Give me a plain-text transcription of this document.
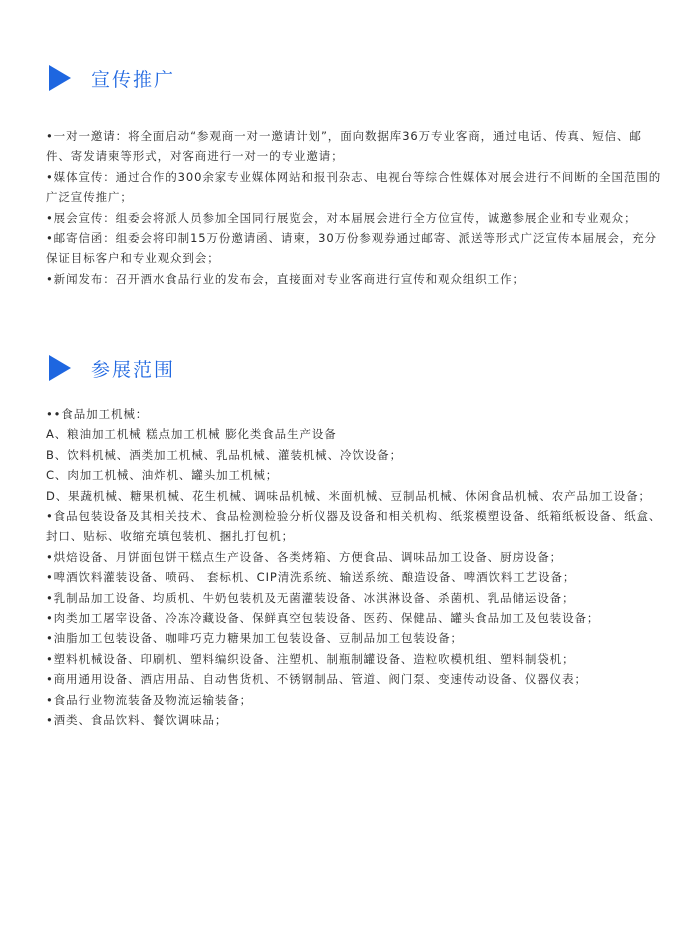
宣传推广

•一对一邀请：将全面启动“参观商一对一邀请计划”，面向数据库36万专业客商，通过电话、传真、短信、邮件、寄发请柬等形式，对客商进行一对一的专业邀请；

•媒体宣传：通过合作的300余家专业媒体网站和报刊杂志、电视台等综合性媒体对展会进行不间断的全国范围的广泛宣传推广；

•展会宣传：组委会将派人员参加全国同行展览会，对本届展会进行全方位宣传，诚邀参展企业和专业观众；

•邮寄信函：组委会将印制15万份邀请函、请柬，30万份参观券通过邮寄、派送等形式广泛宣传本届展会，充分保证目标客户和专业观众到会；

•新闻发布：召开酒水食品行业的发布会，直接面对专业客商进行宣传和观众组织工作；

参展范围

••食品加工机械：

A、粮油加工机械 糕点加工机械 膨化类食品生产设备

B、饮料机械、酒类加工机械、乳品机械、灌装机械、冷饮设备；

C、肉加工机械、油炸机、罐头加工机械；

D、果蔬机械、糖果机械、花生机械、调味品机械、米面机械、豆制品机械、休闲食品机械、农产品加工设备；

•食品包装设备及其相关技术、食品检测检验分析仪器及设备和相关机构、纸浆模塑设备、纸箱纸板设备、纸盒、封口、贴标、收缩充填包装机、捆扎打包机；

•烘焙设备、月饼面包饼干糕点生产设备、各类烤箱、方便食品、调味品加工设备、厨房设备；

•啤酒饮料灌装设备、喷码、 套标机、CIP清洗系统、输送系统、酿造设备、啤酒饮料工艺设备；

•乳制品加工设备、均质机、牛奶包装机及无菌灌装设备、冰淇淋设备、杀菌机、乳品储运设备；

•肉类加工屠宰设备、冷冻冷藏设备、保鲜真空包装设备、医药、保健品、罐头食品加工及包装设备；

•油脂加工包装设备、咖啡巧克力糖果加工包装设备、豆制品加工包装设备；

•塑料机械设备、印刷机、塑料编织设备、注塑机、制瓶制罐设备、造粒吹模机组、塑料制袋机；

•商用通用设备、酒店用品、自动售货机、不锈钢制品、管道、阀门泵、变速传动设备、仪器仪表；

•食品行业物流装备及物流运输装备；

•酒类、食品饮料、餐饮调味品；
